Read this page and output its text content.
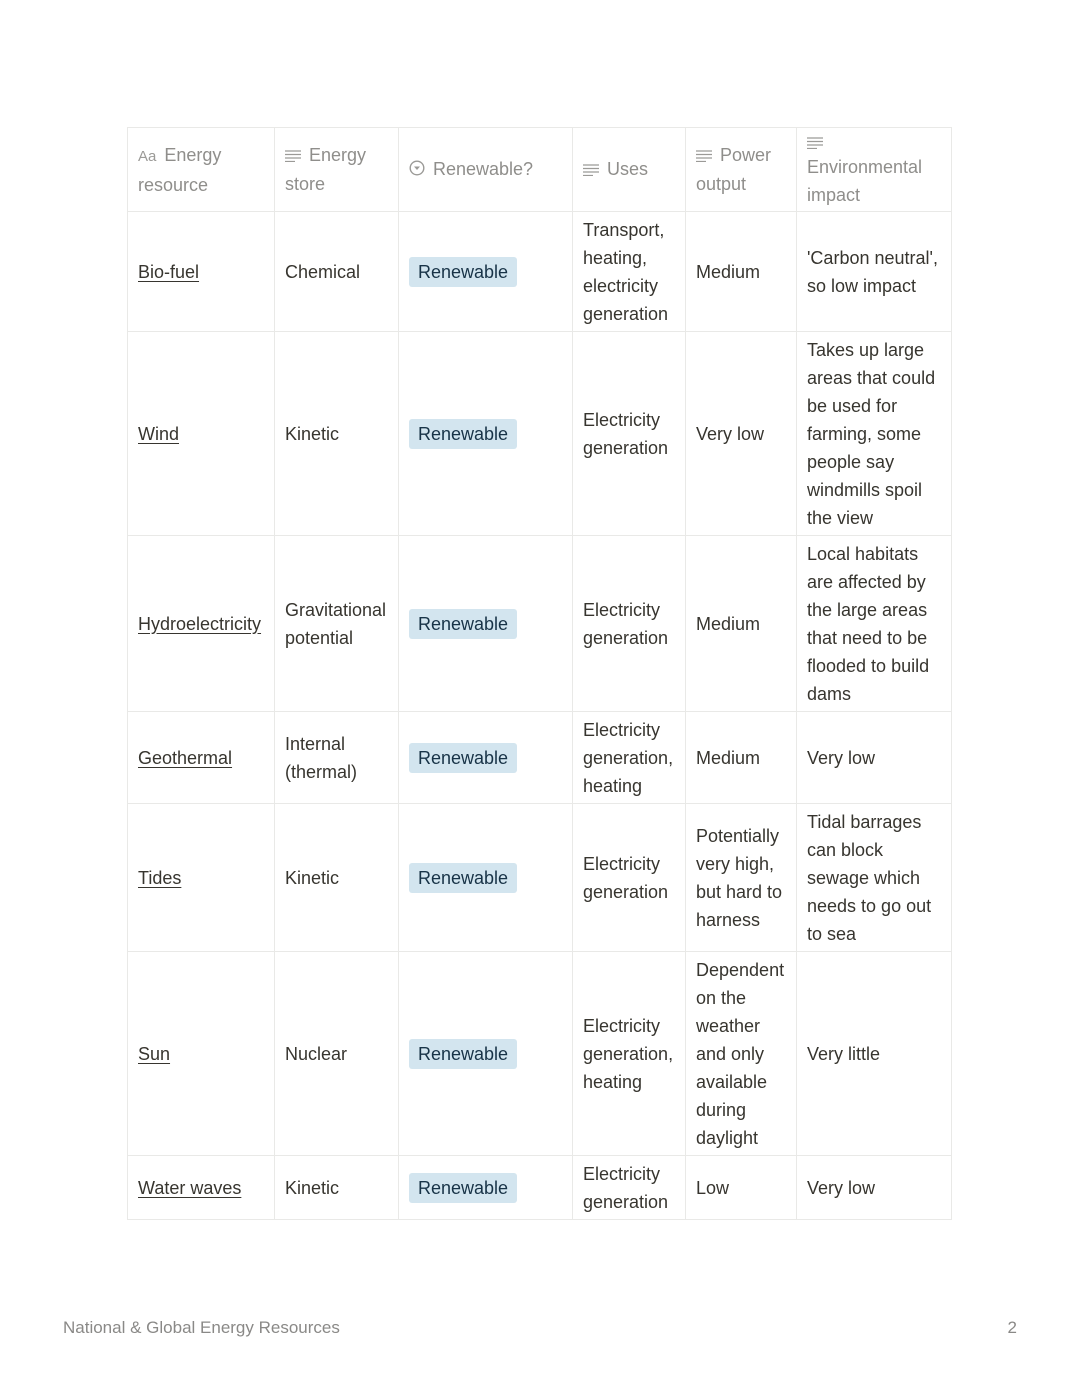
Aa Energy resource	Energy store	Renewable?	Uses	Power output	Environmental impact
Bio-fuel	Chemical	Renewable	Transport, heating, electricity generation	Medium	'Carbon neutral', so low impact
Wind	Kinetic	Renewable	Electricity generation	Very low	Takes up large areas that could be used for farming, some people say windmills spoil the view
Hydroelectricity	Gravitational potential	Renewable	Electricity generation	Medium	Local habitats are affected by the large areas that need to be flooded to build dams
Geothermal	Internal (thermal)	Renewable	Electricity generation, heating	Medium	Very low
Tides	Kinetic	Renewable	Electricity generation	Potentially very high, but hard to harness	Tidal barrages can block sewage which needs to go out to sea
Sun	Nuclear	Renewable	Electricity generation, heating	Dependent on the weather and only available during daylight	Very little
Water waves	Kinetic	Renewable	Electricity generation	Low	Very low
National & Global Energy Resources	2
